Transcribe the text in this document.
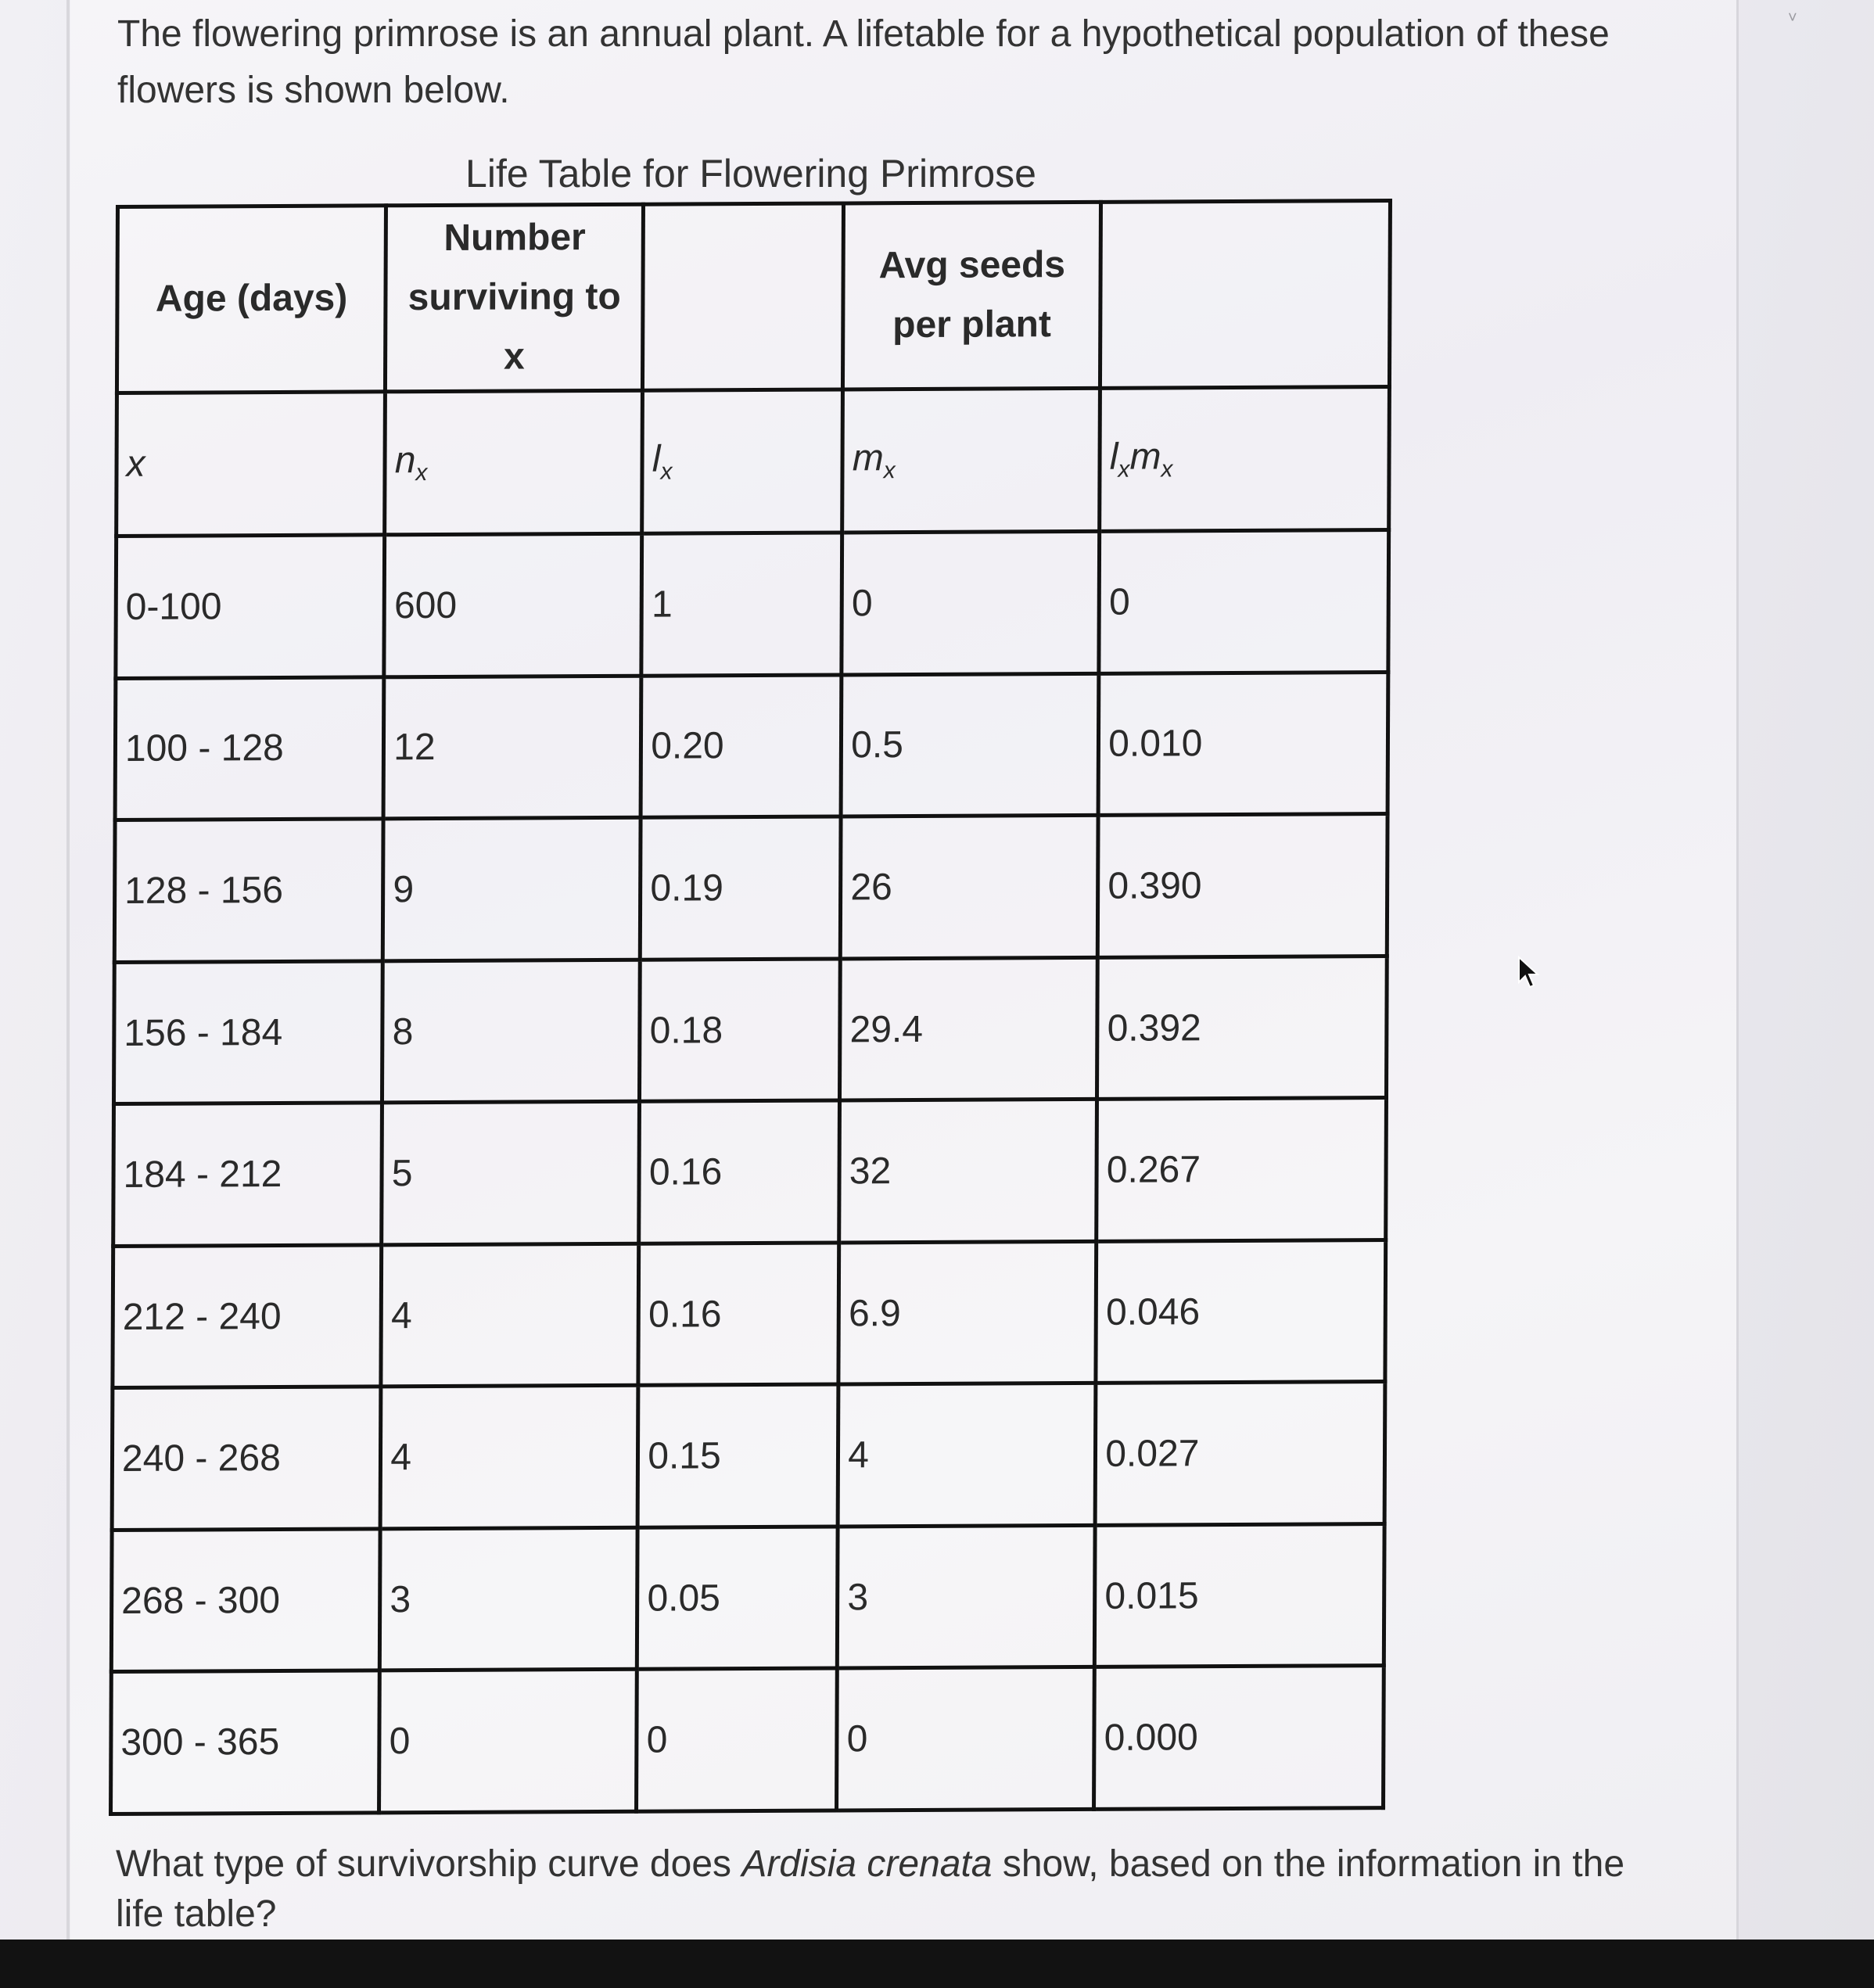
˅
The flowering primrose is an annual plant. A lifetable for a hypothetical population of these flowers is shown below.
Life Table for Flowering Primrose
Age (days)	Number surviving to x		Avg seeds per plant	
x	$n_x$	$l_x$	$m_x$	$l_xm_x$
0-100	600	1	0	0
100 - 128	12	0.20	0.5	0.010
128 - 156	9	0.19	26	0.390
156 - 184	8	0.18	29.4	0.392
184 - 212	5	0.16	32	0.267
212 - 240	4	0.16	6.9	0.046
240 - 268	4	0.15	4	0.027
268 - 300	3	0.05	3	0.015
300 - 365	0	0	0	0.000
What type of survivorship curve does Ardisia crenata show, based on the information in the life table?
